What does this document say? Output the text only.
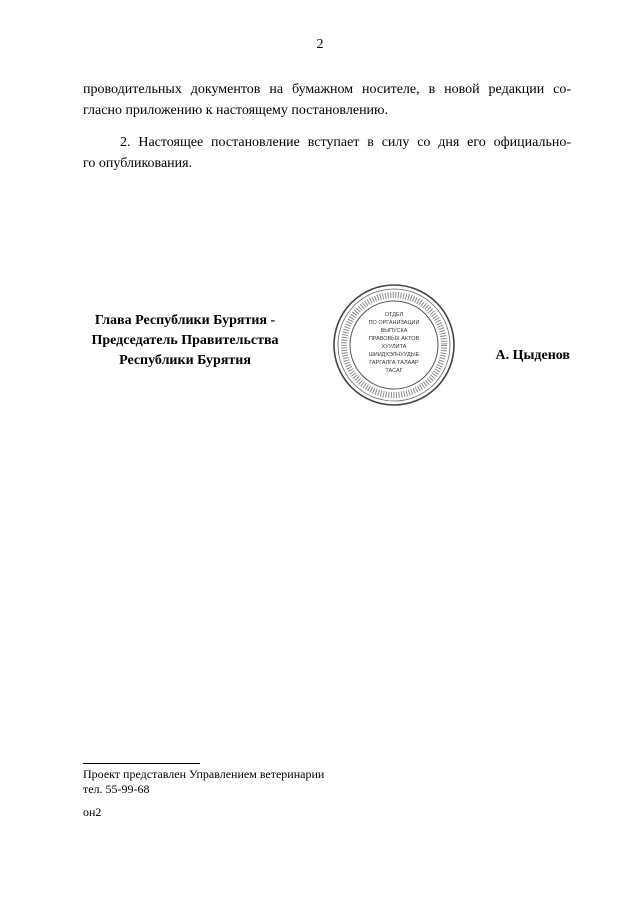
2
проводительных документов на бумажном носителе, в новой редакции со-
гласно приложению к настоящему постановлению.
2. Настоящее постановление вступает в силу со дня его официально-
го опубликования.
Глава Республики Бурятия -
Председатель Правительства
Республики Бурятия
ОТДЕЛ
ПО ОРГАНИЗАЦИИ
ВЫПУСКА
ПРАВОВЫХ АКТОВ
ХУУЛИТА
ШИИДХЭЛНУУДЫЕ
ГАРГАЛГА ТАЛААР
ТАСАГ
А. Цыденов
Проект представлен Управлением ветеринарии
тел. 55-99-68
он2
